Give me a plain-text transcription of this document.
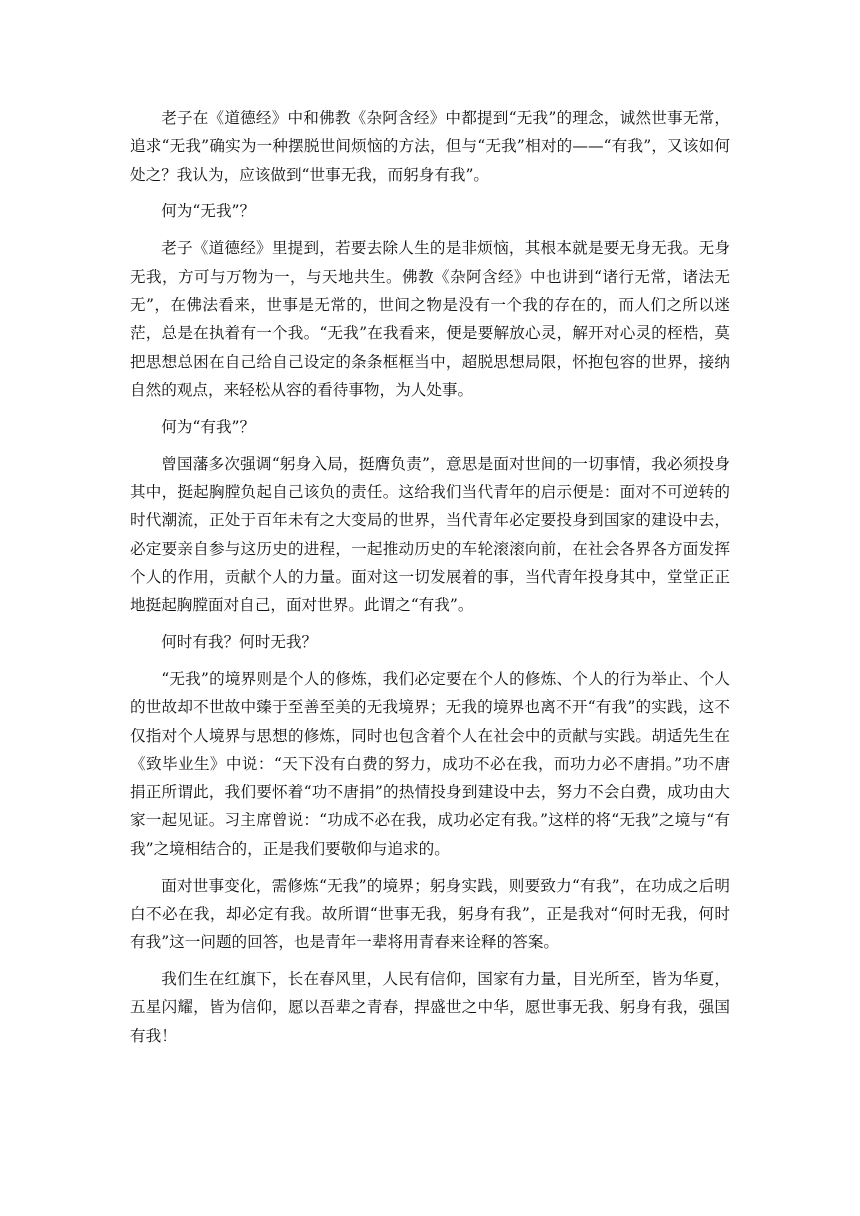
老子在《道德经》中和佛教《杂阿含经》中都提到“无我”的理念，诚然世事无常，追求“无我”确实为一种摆脱世间烦恼的方法，但与“无我”相对的——“有我”，又该如何处之？我认为，应该做到“世事无我，而躬身有我”。

何为“无我”？

老子《道德经》里提到，若要去除人生的是非烦恼，其根本就是要无身无我。无身无我，方可与万物为一，与天地共生。佛教《杂阿含经》中也讲到“诸行无常，诸法无无”，在佛法看来，世事是无常的，世间之物是没有一个我的存在的，而人们之所以迷茫，总是在执着有一个我。“无我”在我看来，便是要解放心灵，解开对心灵的桎梏，莫把思想总困在自己给自己设定的条条框框当中，超脱思想局限，怀抱包容的世界，接纳自然的观点，来轻松从容的看待事物，为人处事。

何为“有我”？

曾国藩多次强调“躬身入局，挺膺负责”，意思是面对世间的一切事情，我必须投身其中，挺起胸膛负起自己该负的责任。这给我们当代青年的启示便是：面对不可逆转的时代潮流，正处于百年未有之大变局的世界，当代青年必定要投身到国家的建设中去，必定要亲自参与这历史的进程，一起推动历史的车轮滚滚向前，在社会各界各方面发挥个人的作用，贡献个人的力量。面对这一切发展着的事，当代青年投身其中，堂堂正正地挺起胸膛面对自己，面对世界。此谓之“有我”。

何时有我？何时无我？

“无我”的境界则是个人的修炼，我们必定要在个人的修炼、个人的行为举止、个人的世故却不世故中臻于至善至美的无我境界；无我的境界也离不开“有我”的实践，这不仅指对个人境界与思想的修炼，同时也包含着个人在社会中的贡献与实践。胡适先生在《致毕业生》中说：“天下没有白费的努力，成功不必在我，而功力必不唐捐。”功不唐捐正所谓此，我们要怀着“功不唐捐”的热情投身到建设中去，努力不会白费，成功由大家一起见证。习主席曾说：“功成不必在我，成功必定有我。”这样的将“无我”之境与“有我”之境相结合的，正是我们要敬仰与追求的。

面对世事变化，需修炼“无我”的境界；躬身实践，则要致力“有我”，在功成之后明白不必在我，却必定有我。故所谓“世事无我，躬身有我”，正是我对“何时无我，何时有我”这一问题的回答，也是青年一辈将用青春来诠释的答案。

我们生在红旗下，长在春风里，人民有信仰，国家有力量，目光所至，皆为华夏，五星闪耀，皆为信仰，愿以吾辈之青春，捍盛世之中华，愿世事无我、躬身有我，强国有我！
